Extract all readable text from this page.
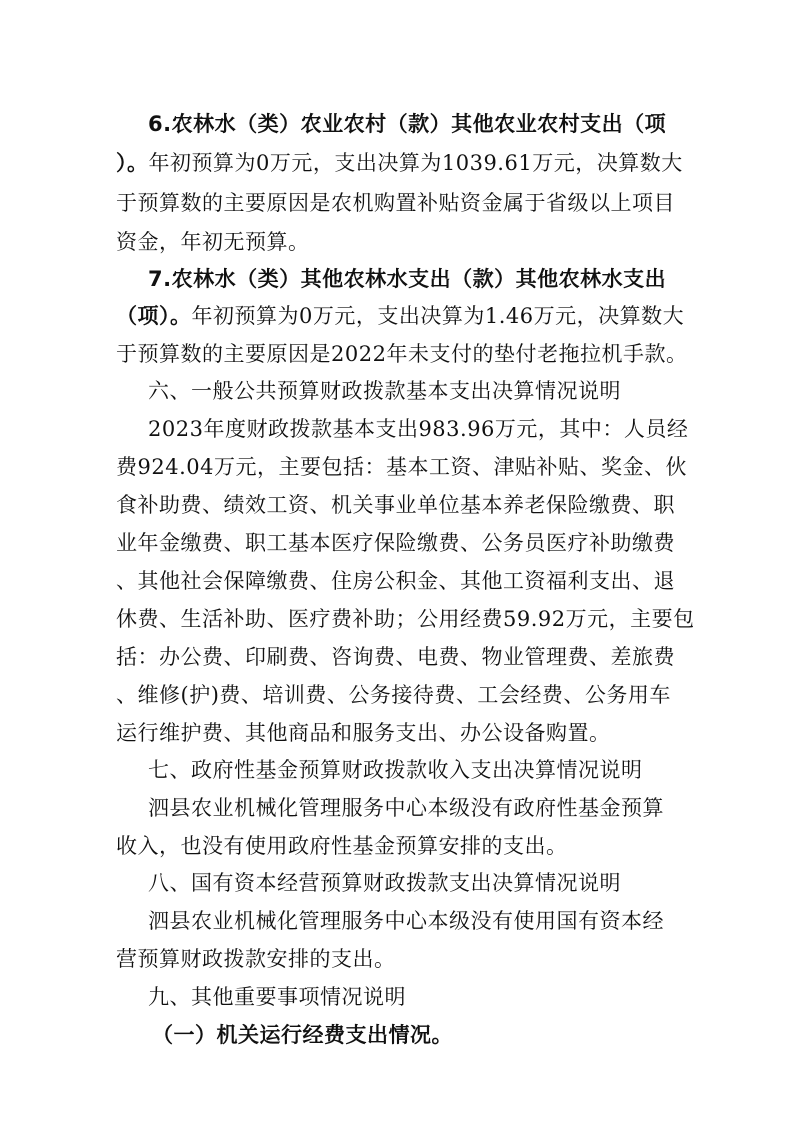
6.农林水（类）农业农村（款）其他农业农村支出（项
）。年初预算为0万元，支出决算为1039.61万元，决算数大
于预算数的主要原因是农机购置补贴资金属于省级以上项目
资金，年初无预算。
7.农林水（类）其他农林水支出（款）其他农林水支出
（项）。年初预算为0万元，支出决算为1.46万元，决算数大
于预算数的主要原因是2022年未支付的垫付老拖拉机手款。
六、一般公共预算财政拨款基本支出决算情况说明
2023年度财政拨款基本支出983.96万元，其中：人员经
费924.04万元，主要包括：基本工资、津贴补贴、奖金、伙
食补助费、绩效工资、机关事业单位基本养老保险缴费、职
业年金缴费、职工基本医疗保险缴费、公务员医疗补助缴费
、其他社会保障缴费、住房公积金、其他工资福利支出、退
休费、生活补助、医疗费补助；公用经费59.92万元，主要包
括：办公费、印刷费、咨询费、电费、物业管理费、差旅费
、维修(护)费、培训费、公务接待费、工会经费、公务用车
运行维护费、其他商品和服务支出、办公设备购置。
七、政府性基金预算财政拨款收入支出决算情况说明
泗县农业机械化管理服务中心本级没有政府性基金预算
收入，也没有使用政府性基金预算安排的支出。
八、国有资本经营预算财政拨款支出决算情况说明
泗县农业机械化管理服务中心本级没有使用国有资本经
营预算财政拨款安排的支出。
九、其他重要事项情况说明
（一）机关运行经费支出情况。
